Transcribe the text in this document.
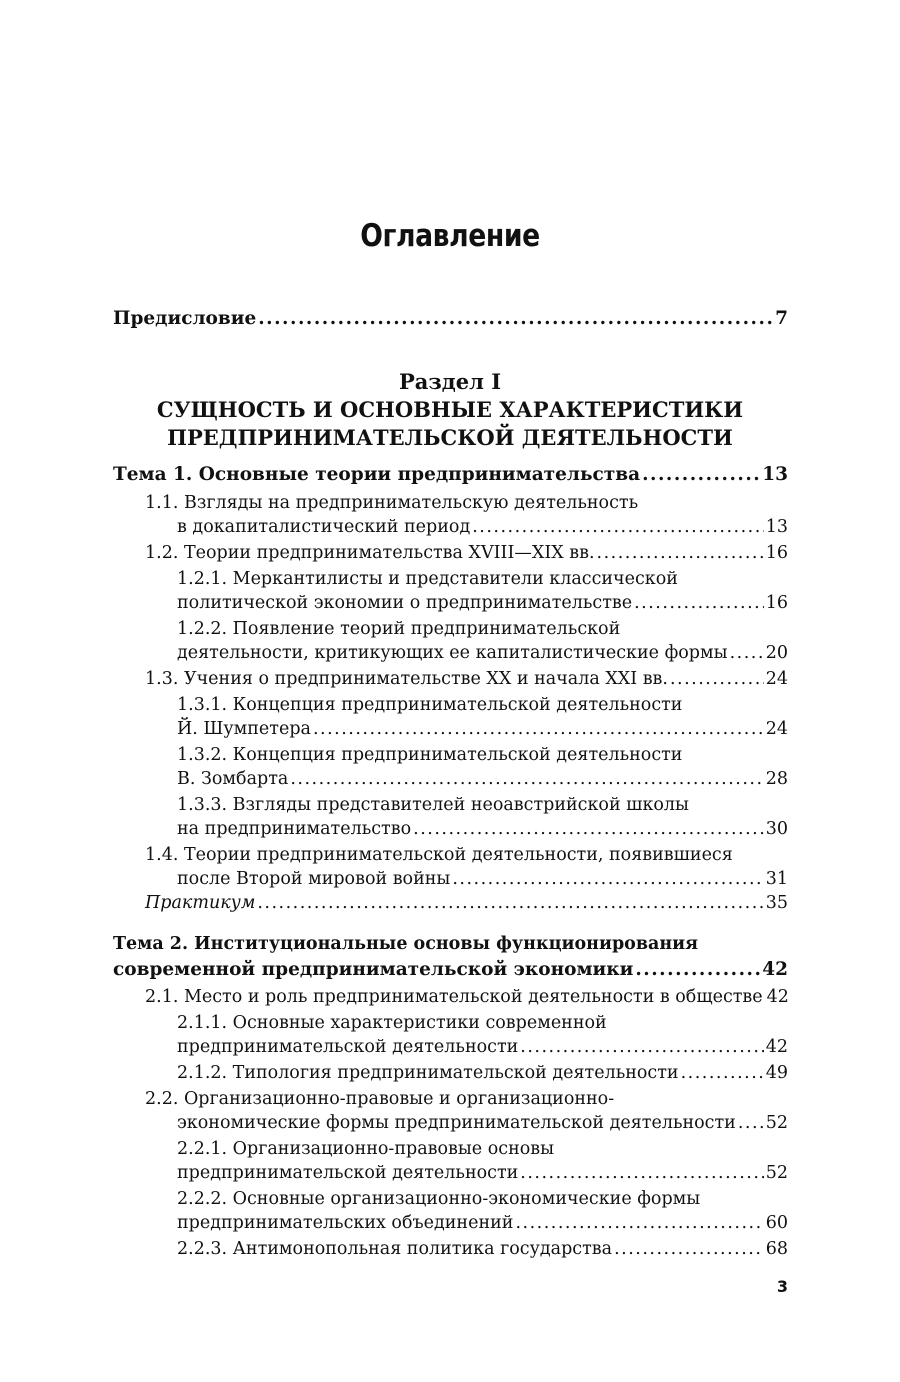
Оглавление
Предисловие .....	7
Раздел I
СУЩНОСТЬ И ОСНОВНЫЕ ХАРАКТЕРИСТИКИ
ПРЕДПРИНИМАТЕЛЬСКОЙ ДЕЯТЕЛЬНОСТИ
Тема 1. Основные теории предпринимательства .....	13
1.1. Взгляды на предпринимательскую деятельность
в докапиталистический период .....	13
1.2. Теории предпринимательства XVIII—XIX вв. .....	16
1.2.1. Меркантилисты и представители классической
политической экономии о предпринимательстве .....	16
1.2.2. Появление теорий предпринимательской
деятельности, критикующих ее капиталистические формы ..... 20
1.3. Учения о предпринимательстве XX и начала XXI вв. .....	24
1.3.1. Концепция предпринимательской деятельности
Й. Шумпетера .....	24
1.3.2. Концепция предпринимательской деятельности
В. Зомбарта .....	28
1.3.3. Взгляды представителей неоавстрийской школы
на предпринимательство .....	30
1.4. Теории предпринимательской деятельности, появившиеся
после Второй мировой войны .....	31
Практикум .....	35
Тема 2. Институциональные основы функционирования
современной предпринимательской экономики .....	42
2.1. Место и роль предпринимательской деятельности в обществе 42
2.1.1. Основные характеристики современной
предпринимательской деятельности .....	42
2.1.2. Типология предпринимательской деятельности .....	49
2.2. Организационно-правовые и организационно-
экономические формы предпринимательской деятельности ..... 52
2.2.1. Организационно-правовые основы
предпринимательской деятельности .....	52
2.2.2. Основные организационно-экономические формы
предпринимательских объединений .....	60
2.2.3. Антимонопольная политика государства .....	68
3
